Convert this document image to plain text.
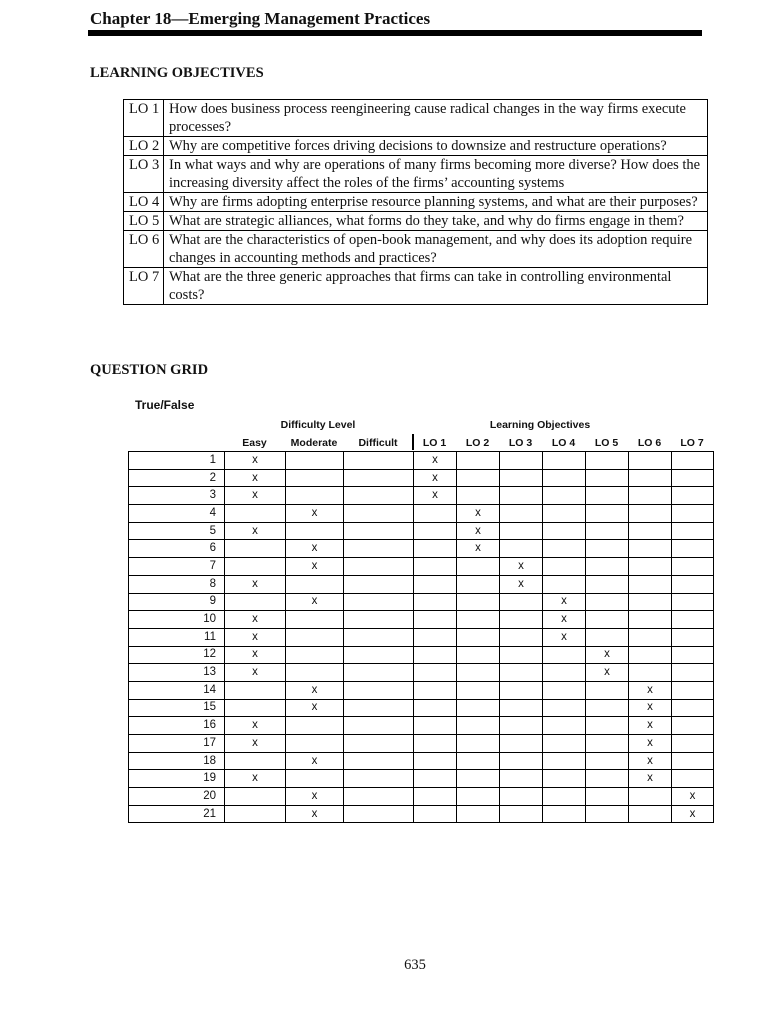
Chapter 18—Emerging Management Practices
LEARNING OBJECTIVES
LO 1	How does business process reengineering cause radical changes in the way firms execute processes?
LO 2	Why are competitive forces driving decisions to downsize and restructure operations?
LO 3	In what ways and why are operations of many firms becoming more diverse? How does the increasing diversity affect the roles of the firms’ accounting systems
LO 4	Why are firms adopting enterprise resource planning systems, and what are their purposes?
LO 5	What are strategic alliances, what forms do they take, and why do firms engage in them?
LO 6	What are the characteristics of open-book management, and why does its adoption require changes in accounting methods and practices?
LO 7	What are the three generic approaches that firms can take in controlling environmental costs?
QUESTION GRID
True/False
Difficulty Level	Learning Objectives
Easy	Moderate	Difficult	LO 1	LO 2	LO 3	LO 4	LO 5	LO 6	LO 7
1	x			x						
2	x			x						
3	x			x						
4		x			x					
5	x				x					
6		x			x					
7		x				x				
8	x					x				
9		x					x			
10	x						x			
11	x						x			
12	x							x		
13	x							x		
14		x							x	
15		x							x	
16	x								x	
17	x								x	
18		x							x	
19	x								x	
20		x								x
21		x								x
635
